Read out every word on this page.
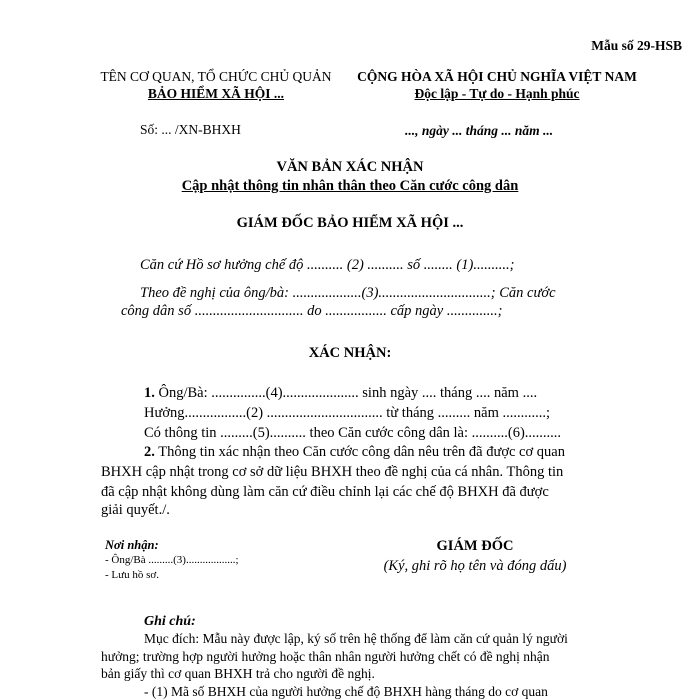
Mẫu số 29-HSB
TÊN CƠ QUAN, TỔ CHỨC CHỦ QUẢN
BẢO HIỂM XÃ HỘI ...
CỘNG HÒA XÃ HỘI CHỦ NGHĨA VIỆT NAM
Độc lập - Tự do - Hạnh phúc
Số: ... /XN-BHXH	..., ngày ... tháng ... năm ...
VĂN BẢN XÁC NHẬN
Cập nhật thông tin nhân thân theo Căn cước công dân
GIÁM ĐỐC BẢO HIỂM XÃ HỘI ...
Căn cứ Hồ sơ hưởng chế độ .......... (2) .......... số ........ (1)..........;
Theo đề nghị của ông/bà: ...................(3)...............................; Căn cước
công dân số .............................. do ................. cấp ngày ..............;
XÁC NHẬN:
1. Ông/Bà: ...............(4)..................... sinh ngày .... tháng .... năm ....
Hưởng.................(2) ................................ từ tháng ......... năm ............;
Có thông tin .........(5).......... theo Căn cước công dân là: ..........(6)..........
2. Thông tin xác nhận theo Căn cước công dân nêu trên đã được cơ quan
BHXH cập nhật trong cơ sở dữ liệu BHXH theo đề nghị của cá nhân. Thông tin
đã cập nhật không dùng làm căn cứ điều chỉnh lại các chế độ BHXH đã được
giải quyết./.
Nơi nhận:
- Ông/Bà .........(3)..................;
- Lưu hồ sơ.
GIÁM ĐỐC
(Ký, ghi rõ họ tên và đóng dấu)
Ghi chú:
Mục đích: Mẫu này được lập, ký số trên hệ thống để làm căn cứ quản lý người
hưởng; trường hợp người hưởng hoặc thân nhân người hưởng chết có đề nghị nhận
bản giấy thì cơ quan BHXH trả cho người đề nghị.
- (1) Mã số BHXH của người hưởng chế độ BHXH hàng tháng do cơ quan
